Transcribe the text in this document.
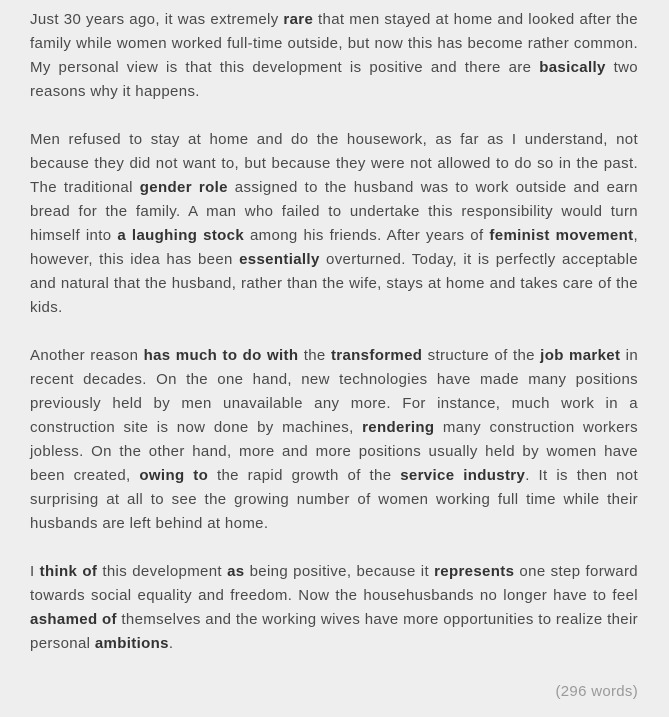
Just 30 years ago, it was extremely rare that men stayed at home and looked after the family while women worked full-time outside, but now this has become rather common. My personal view is that this development is positive and there are basically two reasons why it happens.

Men refused to stay at home and do the housework, as far as I understand, not because they did not want to, but because they were not allowed to do so in the past. The traditional gender role assigned to the husband was to work outside and earn bread for the family. A man who failed to undertake this responsibility would turn himself into a laughing stock among his friends. After years of feminist movement, however, this idea has been essentially overturned. Today, it is perfectly acceptable and natural that the husband, rather than the wife, stays at home and takes care of the kids.

Another reason has much to do with the transformed structure of the job market in recent decades. On the one hand, new technologies have made many positions previously held by men unavailable any more. For instance, much work in a construction site is now done by machines, rendering many construction workers jobless. On the other hand, more and more positions usually held by women have been created, owing to the rapid growth of the service industry. It is then not surprising at all to see the growing number of women working full time while their husbands are left behind at home.

I think of this development as being positive, because it represents one step forward towards social equality and freedom. Now the househusbands no longer have to feel ashamed of themselves and the working wives have more opportunities to realize their personal ambitions.

(296 words)
